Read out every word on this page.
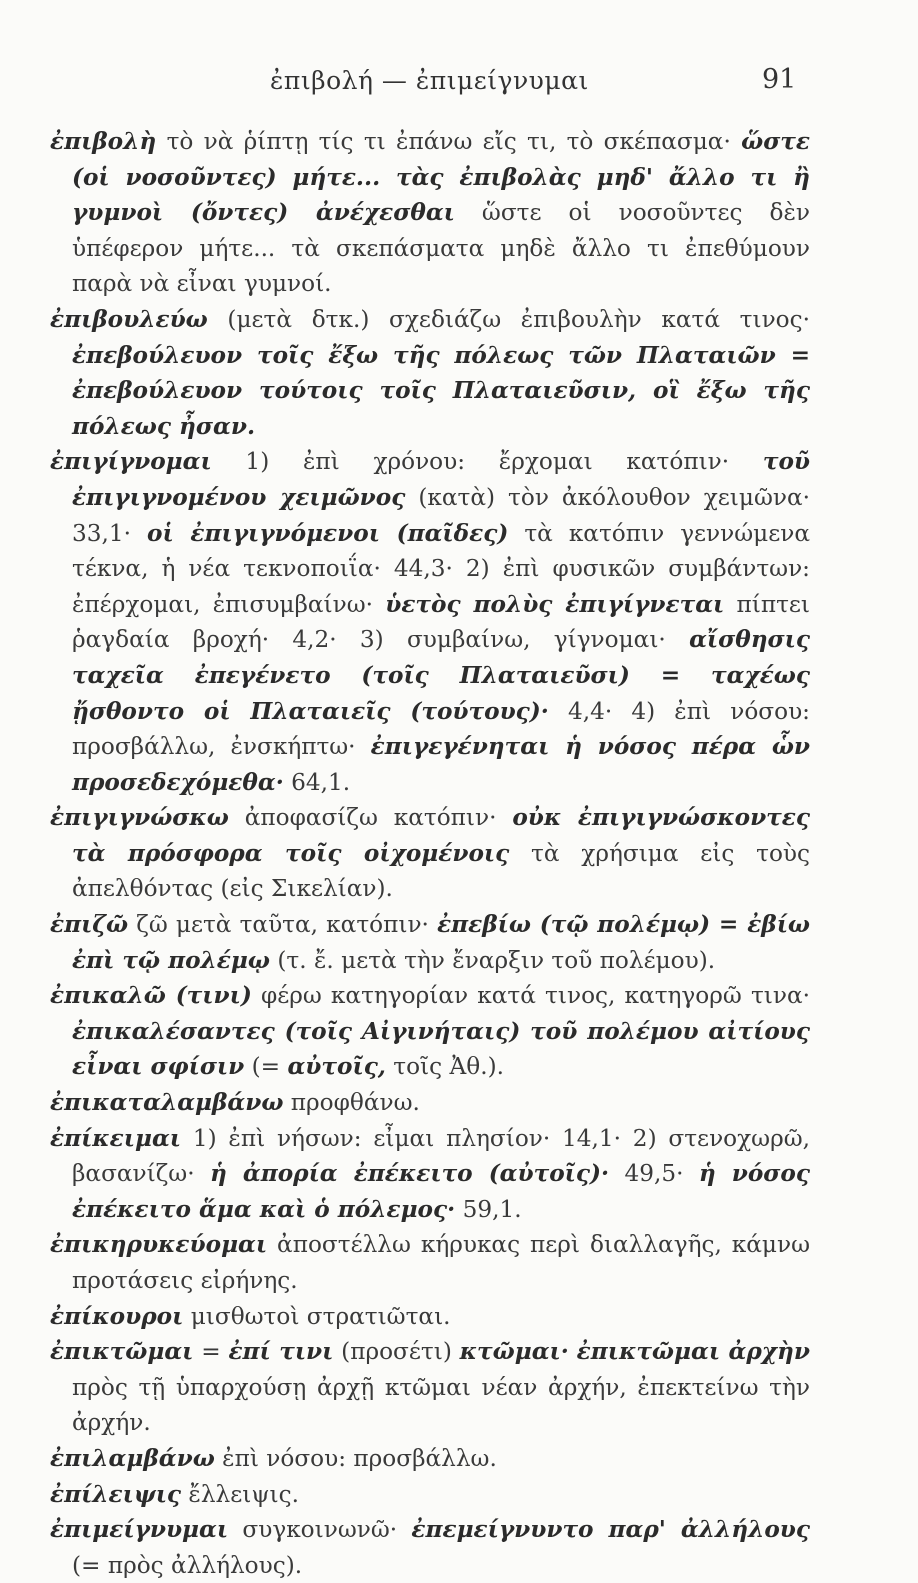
ἐπιβολή — ἐπιμείγνυμαι	91

ἐπιβολὴ τὸ νὰ ῥίπτῃ τίς τι ἐπάνω εἴς τι, τὸ σκέπασμα· ὥστε (οἱ νοσοῦντες) μήτε... τὰς ἐπιβολὰς μηδ' ἄλλο τι ἢ γυμνοὶ (ὄντες) ἀνέχεσθαι ὥστε οἱ νοσοῦντες δὲν ὑπέφερον μήτε... τὰ σκεπάσματα μηδὲ ἄλλο τι ἐπεθύμουν παρὰ νὰ εἶναι γυμνοί.

ἐπιβουλεύω (μετὰ δτκ.) σχεδιάζω ἐπιβουλὴν κατά τινος· ἐπεβούλευον τοῖς ἔξω τῆς πόλεως τῶν Πλαταιῶν = ἐπεβούλευον τούτοις τοῖς Πλαταιεῦσιν, οἳ ἔξω τῆς πόλεως ἦσαν.

ἐπιγίγνομαι 1) ἐπὶ χρόνου: ἔρχομαι κατόπιν· τοῦ ἐπιγιγνομένου χειμῶνος (κατὰ) τὸν ἀκόλουθον χειμῶνα· 33,1· οἱ ἐπιγιγνόμενοι (παῖδες) τὰ κατόπιν γεννώμενα τέκνα, ἡ νέα τεκνοποιΐα· 44,3· 2) ἐπὶ φυσικῶν συμβάντων: ἐπέρχομαι, ἐπισυμβαίνω· ὑετὸς πολὺς ἐπιγίγνεται πίπτει ῥαγδαία βροχή· 4,2· 3) συμβαίνω, γίγνομαι· αἴσθησις ταχεῖα ἐπεγένετο (τοῖς Πλαταιεῦσι) = ταχέως ᾔσθοντο οἱ Πλαταιεῖς (τούτους)· 4,4· 4) ἐπὶ νόσου: προσβάλλω, ἐνσκήπτω· ἐπιγεγένηται ἡ νόσος πέρα ὧν προσεδεχόμεθα· 64,1.

ἐπιγιγνώσκω ἀποφασίζω κατόπιν· οὐκ ἐπιγιγνώσκοντες τὰ πρόσφορα τοῖς οἰχομένοις τὰ χρήσιμα εἰς τοὺς ἀπελθόντας (εἰς Σικελίαν).

ἐπιζῶ ζῶ μετὰ ταῦτα, κατόπιν· ἐπεβίω (τῷ πολέμῳ) = ἐβίω ἐπὶ τῷ πολέμῳ (τ. ἔ. μετὰ τὴν ἔναρξιν τοῦ πολέμου).

ἐπικαλῶ (τινι) φέρω κατηγορίαν κατά τινος, κατηγορῶ τινα· ἐπικαλέσαντες (τοῖς Αἰγινήταις) τοῦ πολέμου αἰτίους εἶναι σφίσιν (= αὐτοῖς, τοῖς Ἀθ.).

ἐπικαταλαμβάνω προφθάνω.

ἐπίκειμαι 1) ἐπὶ νήσων: εἶμαι πλησίον· 14,1· 2) στενοχωρῶ, βασανίζω· ἡ ἀπορία ἐπέκειτο (αὐτοῖς)· 49,5· ἡ νόσος ἐπέκειτο ἅμα καὶ ὁ πόλεμος· 59,1.

ἐπικηρυκεύομαι ἀποστέλλω κήρυκας περὶ διαλλαγῆς, κάμνω προτάσεις εἰρήνης.

ἐπίκουροι μισθωτοὶ στρατιῶται.

ἐπικτῶμαι = ἐπί τινι (προσέτι) κτῶμαι· ἐπικτῶμαι ἀρχὴν πρὸς τῇ ὑπαρχούσῃ ἀρχῇ κτῶμαι νέαν ἀρχήν, ἐπεκτείνω τὴν ἀρχήν.

ἐπιλαμβάνω ἐπὶ νόσου: προσβάλλω.

ἐπίλειψις ἔλλειψις.

ἐπιμείγνυμαι συγκοινωνῶ· ἐπεμείγνυντο παρ' ἀλλήλους (= πρὸς ἀλλήλους).
